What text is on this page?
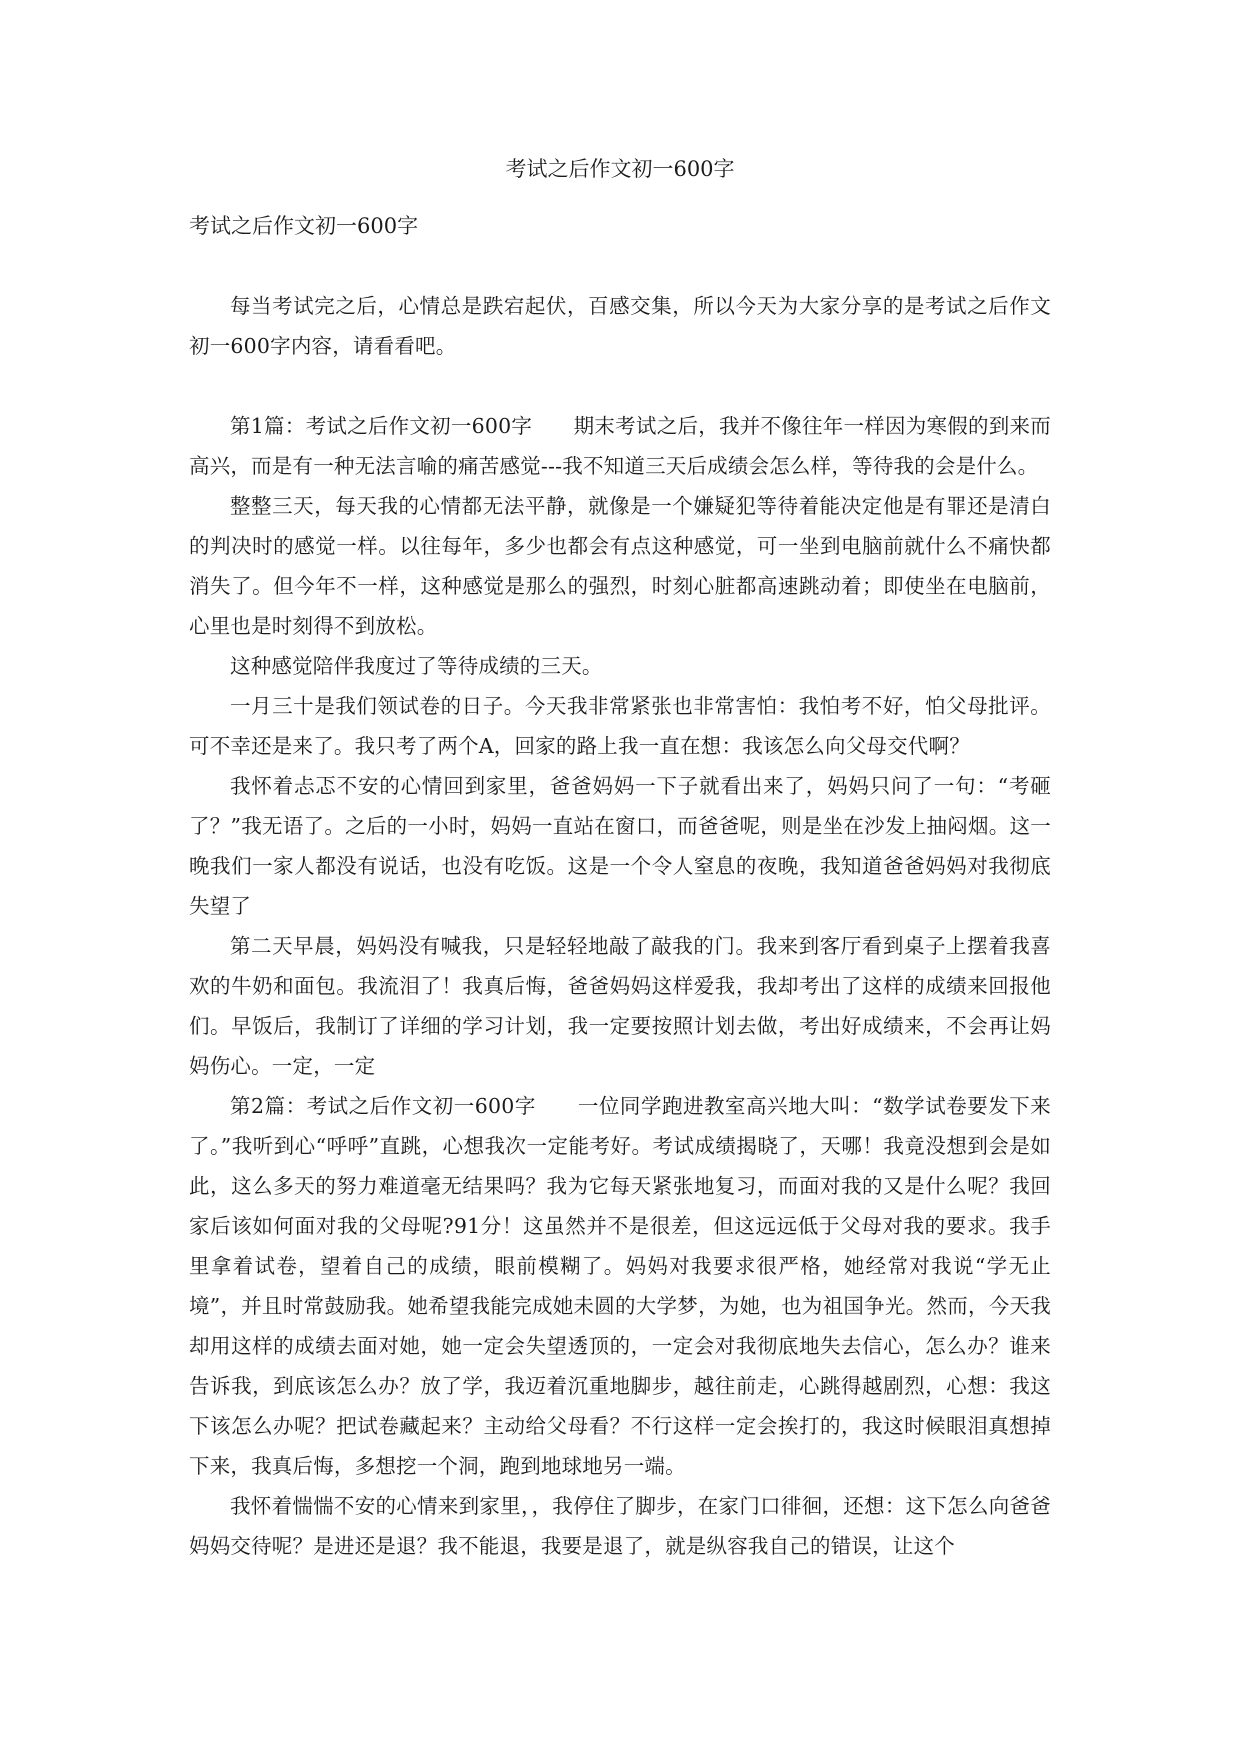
考试之后作文初一600字
考试之后作文初一600字

每当考试完之后，心情总是跌宕起伏，百感交集，所以今天为大家分享的是考试之后作文初一600字内容，请看看吧。

第1篇：考试之后作文初一600字　　期末考试之后，我并不像往年一样因为寒假的到来而高兴，而是有一种无法言喻的痛苦感觉---我不知道三天后成绩会怎么样，等待我的会是什么。

整整三天，每天我的心情都无法平静，就像是一个嫌疑犯等待着能决定他是有罪还是清白的判决时的感觉一样。以往每年，多少也都会有点这种感觉，可一坐到电脑前就什么不痛快都消失了。但今年不一样，这种感觉是那么的强烈，时刻心脏都高速跳动着；即使坐在电脑前，心里也是时刻得不到放松。

这种感觉陪伴我度过了等待成绩的三天。

一月三十是我们领试卷的日子。今天我非常紧张也非常害怕：我怕考不好，怕父母批评。可不幸还是来了。我只考了两个A，回家的路上我一直在想：我该怎么向父母交代啊？

我怀着忐忑不安的心情回到家里，爸爸妈妈一下子就看出来了，妈妈只问了一句：“考砸了？”我无语了。之后的一小时，妈妈一直站在窗口，而爸爸呢，则是坐在沙发上抽闷烟。这一晚我们一家人都没有说话，也没有吃饭。这是一个令人窒息的夜晚，我知道爸爸妈妈对我彻底失望了

第二天早晨，妈妈没有喊我，只是轻轻地敲了敲我的门。我来到客厅看到桌子上摆着我喜欢的牛奶和面包。我流泪了！我真后悔，爸爸妈妈这样爱我，我却考出了这样的成绩来回报他们。早饭后，我制订了详细的学习计划，我一定要按照计划去做，考出好成绩来，不会再让妈妈伤心。一定，一定

第2篇：考试之后作文初一600字　　一位同学跑进教室高兴地大叫：“数学试卷要发下来了。”我听到心“呼呼”直跳，心想我次一定能考好。考试成绩揭晓了，天哪！我竟没想到会是如此，这么多天的努力难道毫无结果吗？我为它每天紧张地复习，而面对我的又是什么呢？我回家后该如何面对我的父母呢?91分！这虽然并不是很差，但这远远低于父母对我的要求。我手里拿着试卷，望着自己的成绩，眼前模糊了。妈妈对我要求很严格，她经常对我说“学无止境”，并且时常鼓励我。她希望我能完成她未圆的大学梦，为她，也为祖国争光。然而，今天我却用这样的成绩去面对她，她一定会失望透顶的，一定会对我彻底地失去信心，怎么办？谁来告诉我，到底该怎么办？放了学，我迈着沉重地脚步，越往前走，心跳得越剧烈，心想：我这下该怎么办呢？把试卷藏起来？主动给父母看？不行这样一定会挨打的，我这时候眼泪真想掉下来，我真后悔，多想挖一个洞，跑到地球地另一端。

我怀着惴惴不安的心情来到家里，，我停住了脚步，在家门口徘徊，还想：这下怎么向爸爸妈妈交待呢？是进还是退？我不能退，我要是退了，就是纵容我自己的错误，让这个
